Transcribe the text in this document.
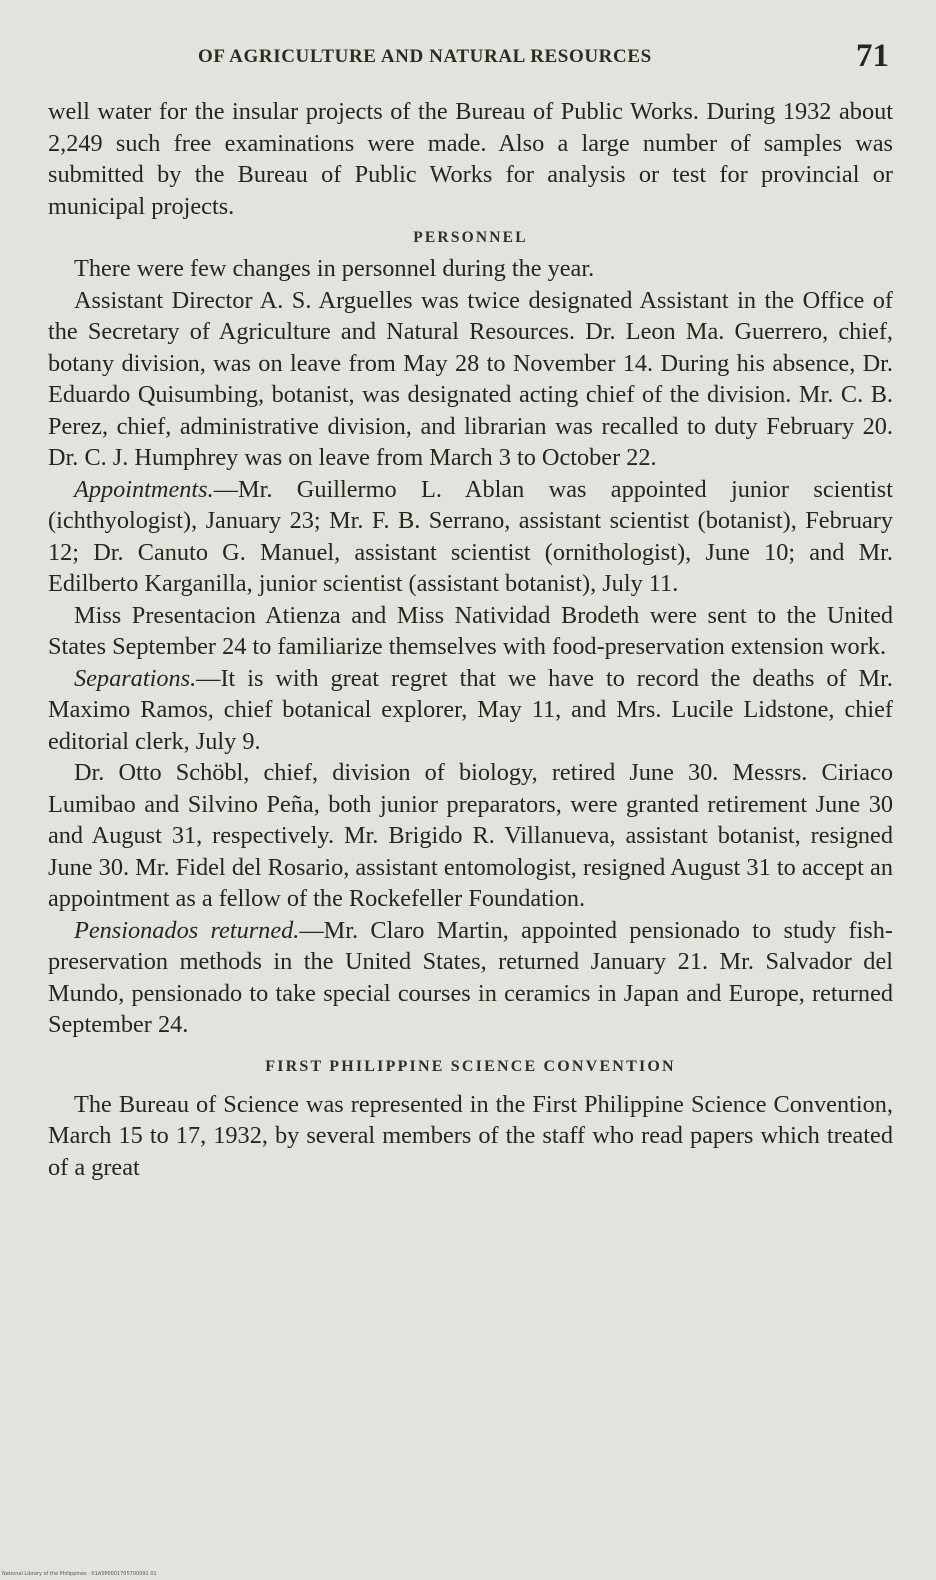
OF AGRICULTURE AND NATURAL RESOURCES	71

well water for the insular projects of the Bureau of Public Works. During 1932 about 2,249 such free examinations were made. Also a large number of samples was submitted by the Bureau of Public Works for analysis or test for provincial or municipal projects.

PERSONNEL

There were few changes in personnel during the year.

Assistant Director A. S. Arguelles was twice designated Assistant in the Office of the Secretary of Agriculture and Natural Resources. Dr. Leon Ma. Guerrero, chief, botany division, was on leave from May 28 to November 14. During his absence, Dr. Eduardo Quisumbing, botanist, was designated acting chief of the division. Mr. C. B. Perez, chief, administrative division, and librarian was recalled to duty February 20. Dr. C. J. Humphrey was on leave from March 3 to October 22.

Appointments.—Mr. Guillermo L. Ablan was appointed junior scientist (ichthyologist), January 23; Mr. F. B. Serrano, assistant scientist (botanist), February 12; Dr. Canuto G. Manuel, assistant scientist (ornithologist), June 10; and Mr. Edilberto Karganilla, junior scientist (assistant botanist), July 11.

Miss Presentacion Atienza and Miss Natividad Brodeth were sent to the United States September 24 to familiarize themselves with food-preservation extension work.

Separations.—It is with great regret that we have to record the deaths of Mr. Maximo Ramos, chief botanical explorer, May 11, and Mrs. Lucile Lidstone, chief editorial clerk, July 9.

Dr. Otto Schöbl, chief, division of biology, retired June 30. Messrs. Ciriaco Lumibao and Silvino Peña, both junior preparators, were granted retirement June 30 and August 31, respectively. Mr. Brigido R. Villanueva, assistant botanist, resigned June 30. Mr. Fidel del Rosario, assistant entomologist, resigned August 31 to accept an appointment as a fellow of the Rockefeller Foundation.

Pensionados returned.—Mr. Claro Martin, appointed pensionado to study fish-preservation methods in the United States, returned January 21. Mr. Salvador del Mundo, pensionado to take special courses in ceramics in Japan and Europe, returned September 24.

FIRST PHILIPPINE SCIENCE CONVENTION

The Bureau of Science was represented in the First Philippine Science Convention, March 15 to 17, 1932, by several members of the staff who read papers which treated of a great

National Library of the Philippines · 01A5P0001705700091 01
